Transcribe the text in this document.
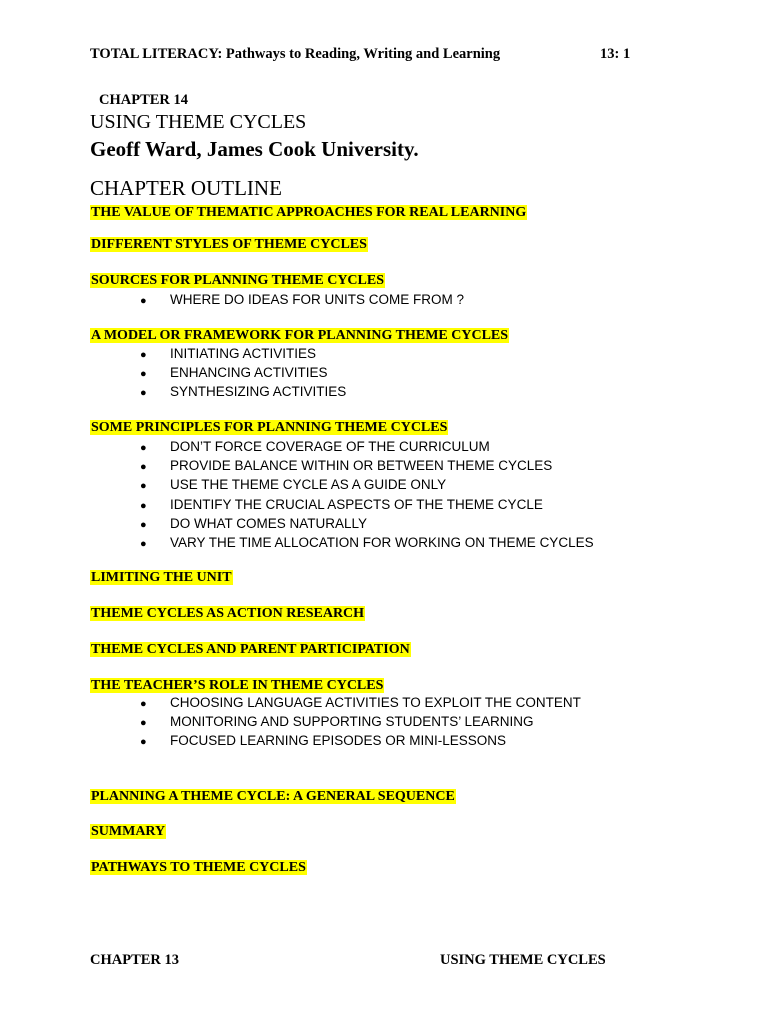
TOTAL LITERACY: Pathways to Reading, Writing and Learning	13: 1
CHAPTER 14
USING THEME CYCLES
Geoff Ward, James Cook University.
CHAPTER OUTLINE
THE VALUE OF THEMATIC APPROACHES FOR REAL LEARNING
DIFFERENT STYLES OF THEME CYCLES
SOURCES FOR PLANNING THEME CYCLES
● WHERE DO IDEAS FOR UNITS COME FROM ?
A MODEL OR FRAMEWORK FOR PLANNING THEME CYCLES
● INITIATING ACTIVITIES
● ENHANCING ACTIVITIES
● SYNTHESIZING ACTIVITIES
SOME PRINCIPLES FOR PLANNING THEME CYCLES
● DON’T FORCE COVERAGE OF THE CURRICULUM
● PROVIDE BALANCE WITHIN OR BETWEEN THEME CYCLES
● USE THE THEME CYCLE AS A GUIDE ONLY
● IDENTIFY THE CRUCIAL ASPECTS OF THE THEME CYCLE
● DO WHAT COMES NATURALLY
● VARY THE TIME ALLOCATION FOR WORKING ON THEME CYCLES
LIMITING THE UNIT
THEME CYCLES AS ACTION RESEARCH
THEME CYCLES AND PARENT PARTICIPATION
THE TEACHER’S ROLE IN THEME CYCLES
● CHOOSING LANGUAGE ACTIVITIES TO EXPLOIT THE CONTENT
● MONITORING AND SUPPORTING STUDENTS’ LEARNING
● FOCUSED LEARNING EPISODES OR MINI-LESSONS
PLANNING A THEME CYCLE: A GENERAL SEQUENCE
SUMMARY
PATHWAYS TO THEME CYCLES
CHAPTER 13	USING THEME CYCLES
